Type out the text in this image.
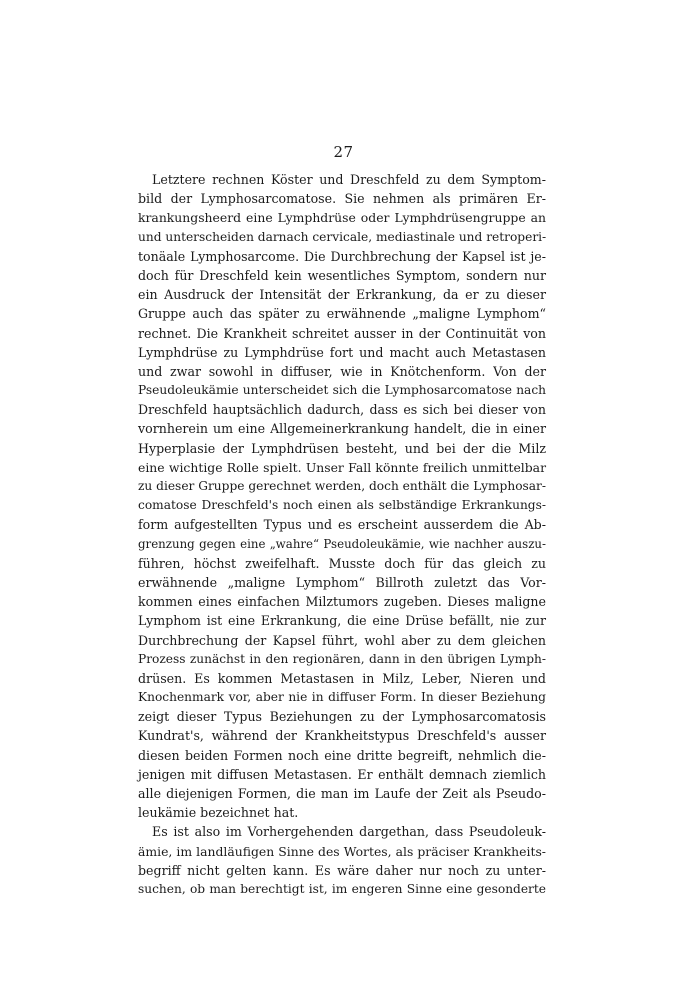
27
Letztere rechnen Köster und Dreschfeld zu dem Symptom-
bild der Lymphosarcomatose. Sie nehmen als primären Er-
krankungsheerd eine Lymphdrüse oder Lymphdrüsengruppe an
und unterscheiden darnach cervicale, mediastinale und retroperi-
tonäale Lymphosarcome. Die Durchbrechung der Kapsel ist je-
doch für Dreschfeld kein wesentliches Symptom, sondern nur
ein Ausdruck der Intensität der Erkrankung, da er zu dieser
Gruppe auch das später zu erwähnende „maligne Lymphom“
rechnet. Die Krankheit schreitet ausser in der Continuität von
Lymphdrüse zu Lymphdrüse fort und macht auch Metastasen
und zwar sowohl in diffuser, wie in Knötchenform. Von der
Pseudoleukämie unterscheidet sich die Lymphosarcomatose nach
Dreschfeld hauptsächlich dadurch, dass es sich bei dieser von
vornherein um eine Allgemeinerkrankung handelt, die in einer
Hyperplasie der Lymphdrüsen besteht, und bei der die Milz
eine wichtige Rolle spielt. Unser Fall könnte freilich unmittelbar
zu dieser Gruppe gerechnet werden, doch enthält die Lymphosar-
comatose Dreschfeld's noch einen als selbständige Erkrankungs-
form aufgestellten Typus und es erscheint ausserdem die Ab-
grenzung gegen eine „wahre“ Pseudoleukämie, wie nachher auszu-
führen, höchst zweifelhaft. Musste doch für das gleich zu
erwähnende „maligne Lymphom“ Billroth zuletzt das Vor-
kommen eines einfachen Milztumors zugeben. Dieses maligne
Lymphom ist eine Erkrankung, die eine Drüse befällt, nie zur
Durchbrechung der Kapsel führt, wohl aber zu dem gleichen
Prozess zunächst in den regionären, dann in den übrigen Lymph-
drüsen. Es kommen Metastasen in Milz, Leber, Nieren und
Knochenmark vor, aber nie in diffuser Form. In dieser Beziehung
zeigt dieser Typus Beziehungen zu der Lymphosarcomatosis
Kundrat's, während der Krankheitstypus Dreschfeld's ausser
diesen beiden Formen noch eine dritte begreift, nehmlich die-
jenigen mit diffusen Metastasen. Er enthält demnach ziemlich
alle diejenigen Formen, die man im Laufe der Zeit als Pseudo-
leukämie bezeichnet hat.
Es ist also im Vorhergehenden dargethan, dass Pseudoleuk-
ämie, im landläufigen Sinne des Wortes, als präciser Krankheits-
begriff nicht gelten kann. Es wäre daher nur noch zu unter-
suchen, ob man berechtigt ist, im engeren Sinne eine gesonderte
